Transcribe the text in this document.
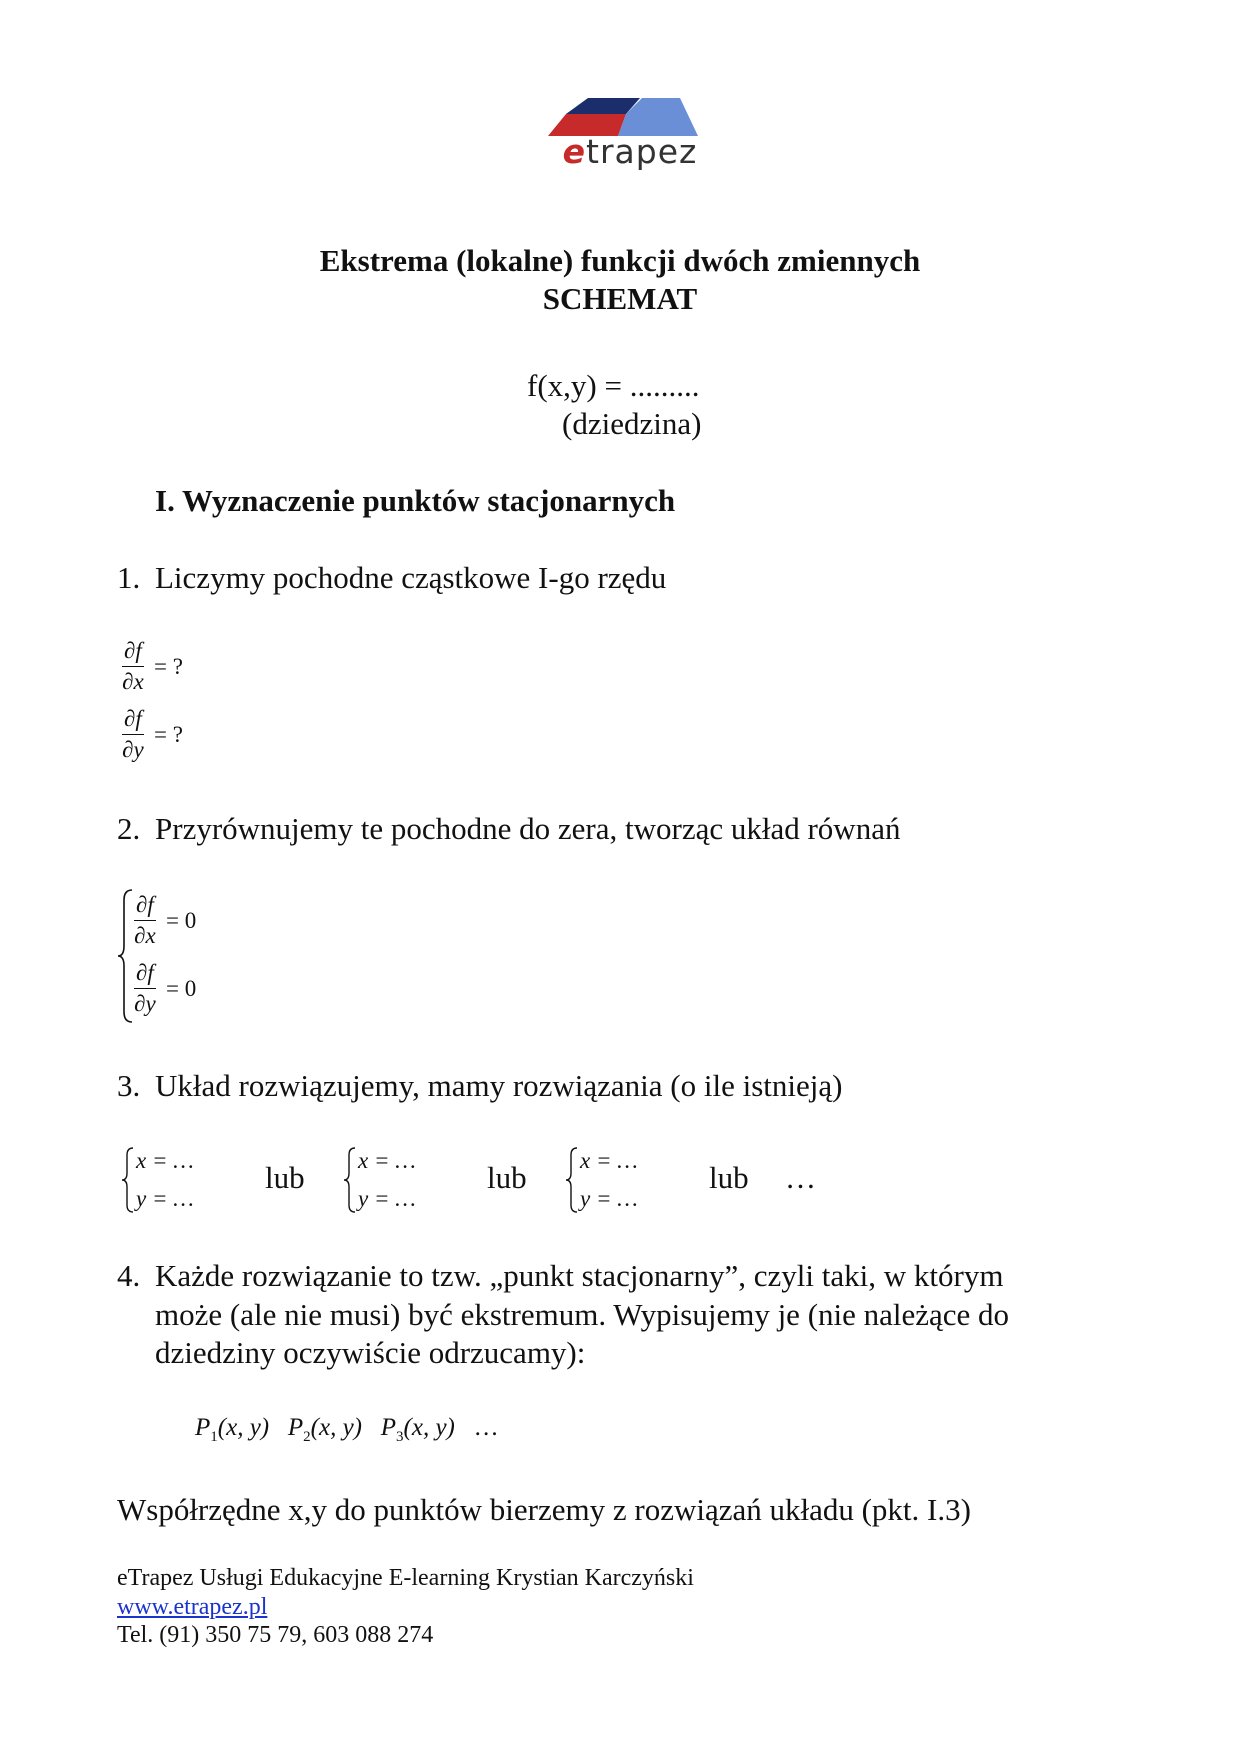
etrapez
Ekstrema (lokalne) funkcji dwóch zmiennych
SCHEMAT
f(x,y) = .........
(dziedzina)
I. Wyznaczenie punktów stacjonarnych
1. Liczymy pochodne cząstkowe I-go rzędu
$\frac{\partial f}{\partial x}$ = ?
$\frac{\partial f}{\partial y}$ = ?
2. Przyrównujemy te pochodne do zera, tworząc układ równań
$\frac{\partial f}{\partial x} = 0$
$\frac{\partial f}{\partial y} = 0$
3. Układ rozwiązujemy, mamy rozwiązania (o ile istnieją)
x = …
y = …
lub x = …
y = …
lub x = …
y = …
lub …
4. Każde rozwiązanie to tzw. „punkt stacjonarny”, czyli taki, w którym
może (ale nie musi) być ekstremum. Wypisujemy je (nie należące do
dziedziny oczywiście odrzucamy):
$P_1(x$, y) $P_2(x$, y) $P_3(x$, y) …
Współrzędne x,y do punktów bierzemy z rozwiązań układu (pkt. I.3)
eTrapez Usługi Edukacyjne E-learning Krystian Karczyński
www.etrapez.pl
Tel. (91) 350 75 79, 603 088 274
